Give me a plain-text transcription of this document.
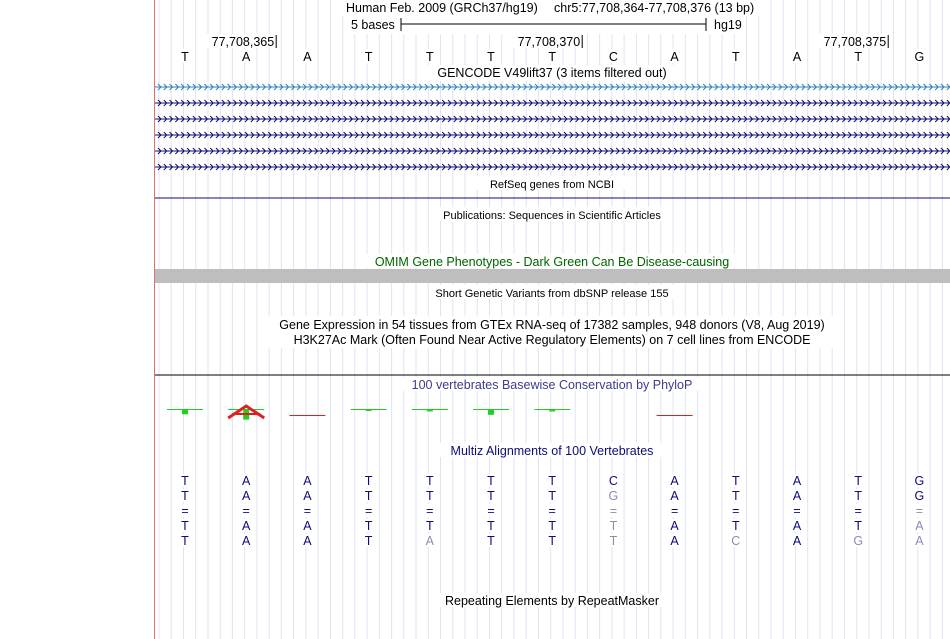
Human Feb. 2009 (GRCh37/hg19) chr5:77,708,364-77,708,376 (13 bp)
5 bases	hg19
77,708,365	77,708,370	77,708,375
T	A	A	T	T	T	T	C	A	T	A	T	G
GENCODE V49lift37 (3 items filtered out)
RefSeq genes from NCBI
Publications: Sequences in Scientific Articles
OMIM Gene Phenotypes - Dark Green Can Be Disease-causing
Short Genetic Variants from dbSNP release 155
Gene Expression in 54 tissues from GTEx RNA-seq of 17382 samples, 948 donors (V8, Aug 2019)
H3K27Ac Mark (Often Found Near Active Regulatory Elements) on 7 cell lines from ENCODE
100 vertebrates Basewise Conservation by PhyloP
Multiz Alignments of 100 Vertebrates
T	A	A	T	T	T	T	C	A	T	A	T	G
T	A	A	T	T	T	T	G	A	T	A	T	G
=	=	=	=	=	=	=	=	=	=	=	=	=
T	A	A	T	T	T	T	T	A	T	A	T	A
T	A	A	T	A	T	T	T	A	C	A	G	A
Repeating Elements by RepeatMasker
